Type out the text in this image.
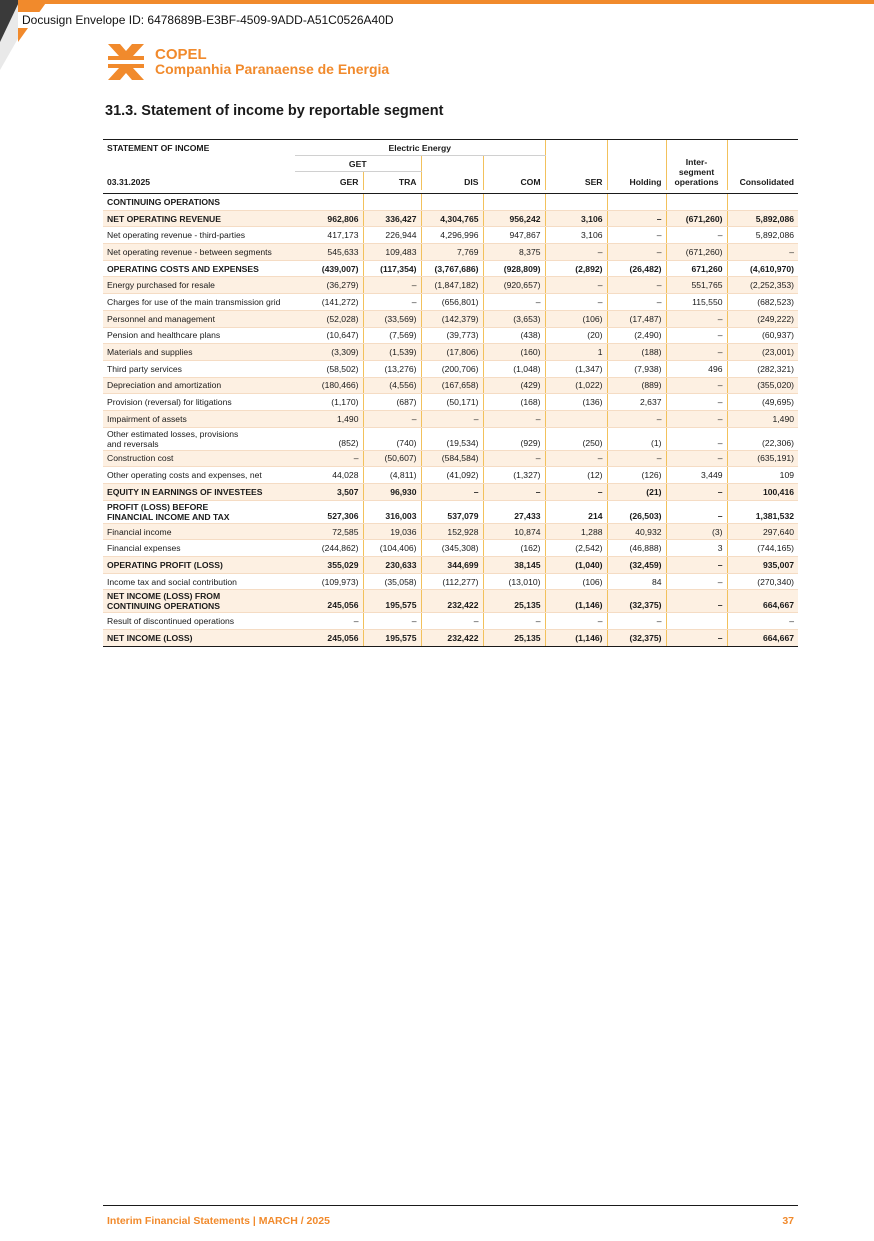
Docusign Envelope ID: 6478689B-E3BF-4509-9ADD-A51C0526A40D
COPEL
Companhia Paranaense de Energia
31.3. Statement of income by reportable segment
STATEMENT OF INCOME	Electric Energy							
	GET						Inter- segment operations	
03.31.2025	GER	TRA	DIS	COM	SER	Holding		Consolidated

CONTINUING OPERATIONS								
NET OPERATING REVENUE	962,806	336,427	4,304,765	956,242	3,106	–	(671,260)	5,892,086
Net operating revenue - third-parties	417,173	226,944	4,296,996	947,867	3,106	–	–	5,892,086
Net operating revenue - between segments	545,633	109,483	7,769	8,375	–	–	(671,260)	–
OPERATING COSTS AND EXPENSES	(439,007)	(117,354)	(3,767,686)	(928,809)	(2,892)	(26,482)	671,260	(4,610,970)
Energy purchased for resale	(36,279)	–	(1,847,182)	(920,657)	–	–	551,765	(2,252,353)
Charges for use of the main transmission grid	(141,272)	–	(656,801)	–	–	–	115,550	(682,523)
Personnel and management	(52,028)	(33,569)	(142,379)	(3,653)	(106)	(17,487)	–	(249,222)
Pension and healthcare plans	(10,647)	(7,569)	(39,773)	(438)	(20)	(2,490)	–	(60,937)
Materials and supplies	(3,309)	(1,539)	(17,806)	(160)	1	(188)	–	(23,001)
Third party services	(58,502)	(13,276)	(200,706)	(1,048)	(1,347)	(7,938)	496	(282,321)
Depreciation and amortization	(180,466)	(4,556)	(167,658)	(429)	(1,022)	(889)	–	(355,020)
Provision (reversal) for litigations	(1,170)	(687)	(50,171)	(168)	(136)	2,637	–	(49,695)
Impairment of assets	1,490	–	–	–		–	–	1,490
Other estimated losses, provisions and reversals	(852)	(740)	(19,534)	(929)	(250)	(1)	–	(22,306)
Construction cost	–	(50,607)	(584,584)	–	–	–	–	(635,191)
Other operating costs and expenses, net	44,028	(4,811)	(41,092)	(1,327)	(12)	(126)	3,449	109
EQUITY IN EARNINGS OF INVESTEES	3,507	96,930	–	–	–	(21)	–	100,416
PROFIT (LOSS) BEFORE FINANCIAL INCOME AND TAX	527,306	316,003	537,079	27,433	214	(26,503)	–	1,381,532
Financial income	72,585	19,036	152,928	10,874	1,288	40,932	(3)	297,640
Financial expenses	(244,862)	(104,406)	(345,308)	(162)	(2,542)	(46,888)	3	(744,165)
OPERATING PROFIT (LOSS)	355,029	230,633	344,699	38,145	(1,040)	(32,459)	–	935,007
Income tax and social contribution	(109,973)	(35,058)	(112,277)	(13,010)	(106)	84	–	(270,340)
NET INCOME (LOSS) FROM CONTINUING OPERATIONS	245,056	195,575	232,422	25,135	(1,146)	(32,375)	–	664,667
Result of discontinued operations	–	–	–	–	–	–		–
NET INCOME (LOSS)	245,056	195,575	232,422	25,135	(1,146)	(32,375)	–	664,667
Interim Financial Statements | MARCH / 2025	37
